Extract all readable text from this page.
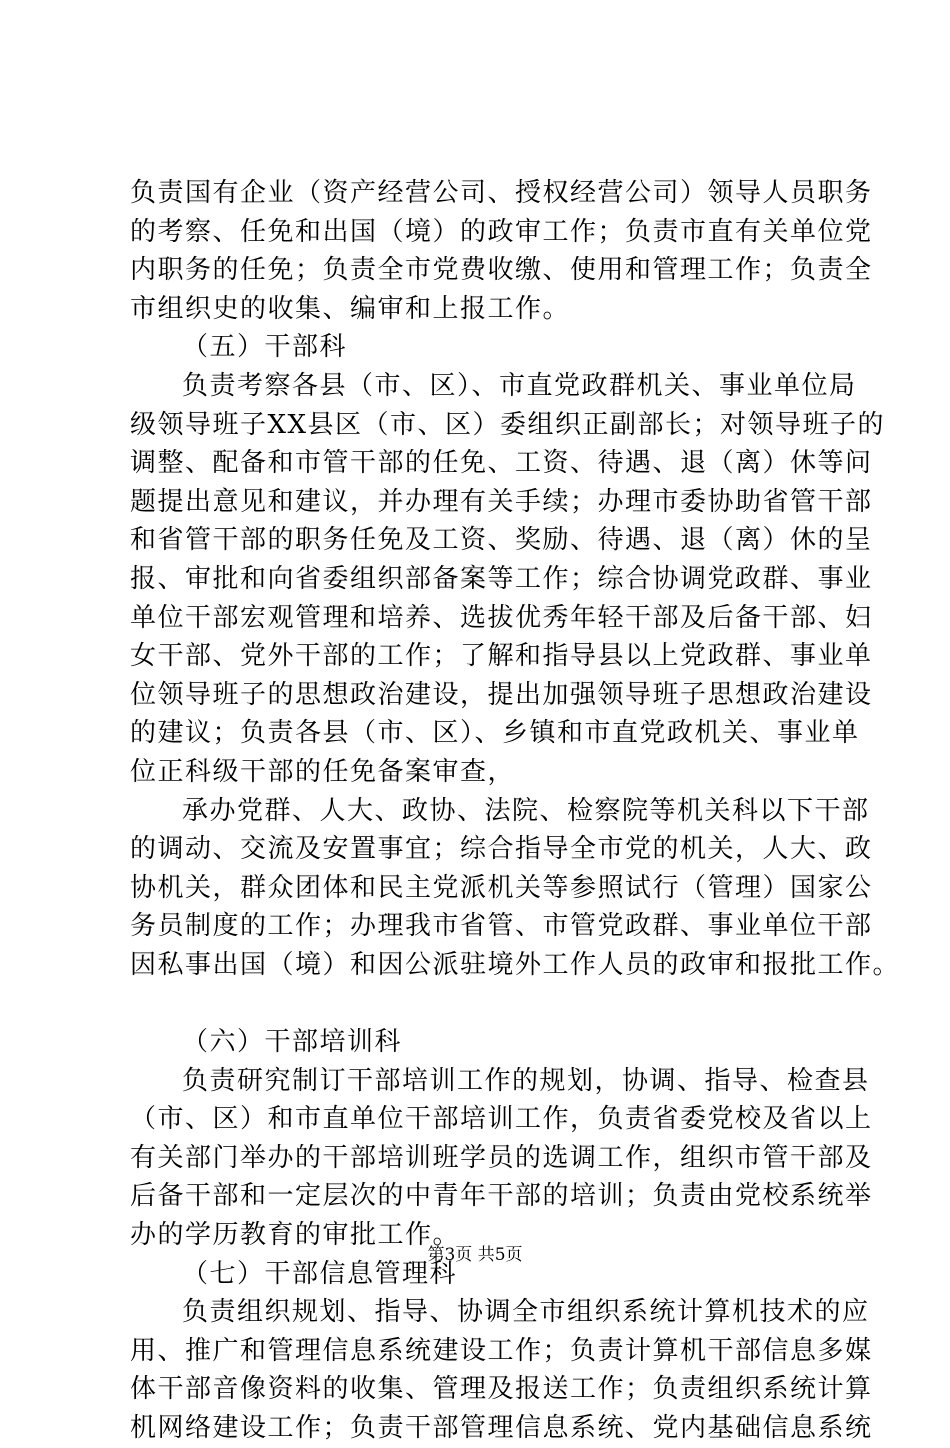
负责国有企业（资产经营公司、授权经营公司）领导人员职务
的考察、任免和出国（境）的政审工作；负责市直有关单位党
内职务的任免；负责全市党费收缴、使用和管理工作；负责全
市组织史的收集、编审和上报工作。
（五）干部科
负责考察各县（市、区）、市直党政群机关、事业单位局
级领导班子XX县区（市、区）委组织正副部长；对领导班子的
调整、配备和市管干部的任免、工资、待遇、退（离）休等问
题提出意见和建议，并办理有关手续；办理市委协助省管干部
和省管干部的职务任免及工资、奖励、待遇、退（离）休的呈
报、审批和向省委组织部备案等工作；综合协调党政群、事业
单位干部宏观管理和培养、选拔优秀年轻干部及后备干部、妇
女干部、党外干部的工作；了解和指导县以上党政群、事业单
位领导班子的思想政治建设，提出加强领导班子思想政治建设
的建议；负责各县（市、区）、乡镇和市直党政机关、事业单
位正科级干部的任免备案审查，
承办党群、人大、政协、法院、检察院等机关科以下干部
的调动、交流及安置事宜；综合指导全市党的机关，人大、政
协机关，群众团体和民主党派机关等参照试行（管理）国家公
务员制度的工作；办理我市省管、市管党政群、事业单位干部
因私事出国（境）和因公派驻境外工作人员的政审和报批工作。
（六）干部培训科
负责研究制订干部培训工作的规划，协调、指导、检查县
（市、区）和市直单位干部培训工作，负责省委党校及省以上
有关部门举办的干部培训班学员的选调工作，组织市管干部及
后备干部和一定层次的中青年干部的培训；负责由党校系统举
办的学历教育的审批工作。
（七）干部信息管理科
负责组织规划、指导、协调全市组织系统计算机技术的应
用、推广和管理信息系统建设工作；负责计算机干部信息多媒
体干部音像资料的收集、管理及报送工作；负责组织系统计算
机网络建设工作；负责干部管理信息系统、党内基础信息系统
第3页 共5页
